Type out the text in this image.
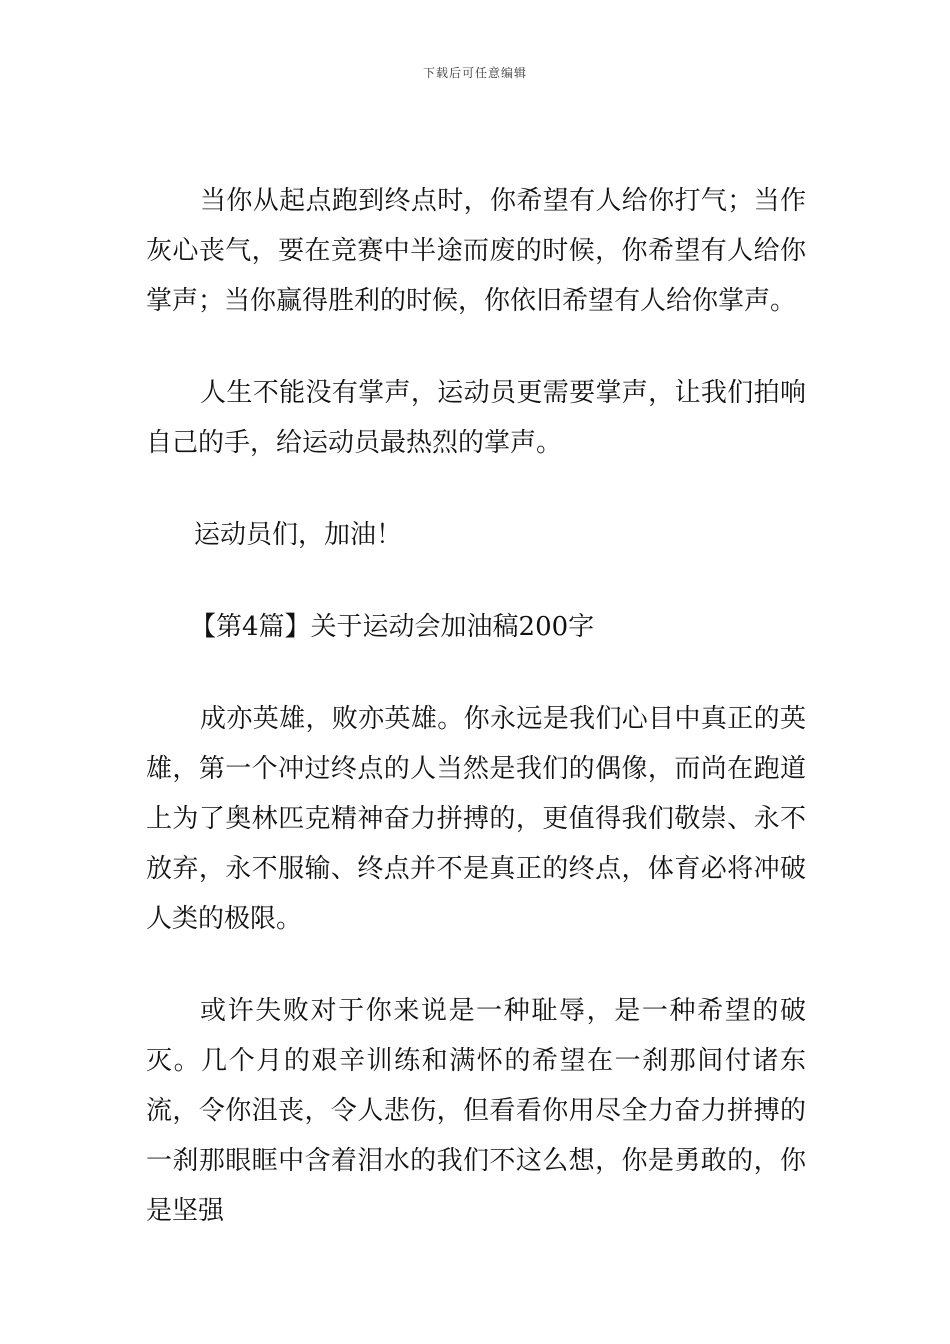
下载后可任意编辑

当你从起点跑到终点时，你希望有人给你打气；当作灰心丧气，要在竞赛中半途而废的时候，你希望有人给你掌声；当你赢得胜利的时候，你依旧希望有人给你掌声。

人生不能没有掌声，运动员更需要掌声，让我们拍响自己的手，给运动员最热烈的掌声。

运动员们，加油！

【第4篇】关于运动会加油稿200字

成亦英雄，败亦英雄。你永远是我们心目中真正的英雄，第一个冲过终点的人当然是我们的偶像，而尚在跑道上为了奥林匹克精神奋力拼搏的，更值得我们敬崇、永不放弃，永不服输、终点并不是真正的终点，体育必将冲破人类的极限。

或许失败对于你来说是一种耻辱，是一种希望的破灭。几个月的艰辛训练和满怀的希望在一刹那间付诸东流，令你沮丧，令人悲伤，但看看你用尽全力奋力拼搏的一刹那眼眶中含着泪水的我们不这么想，你是勇敢的，你是坚强
